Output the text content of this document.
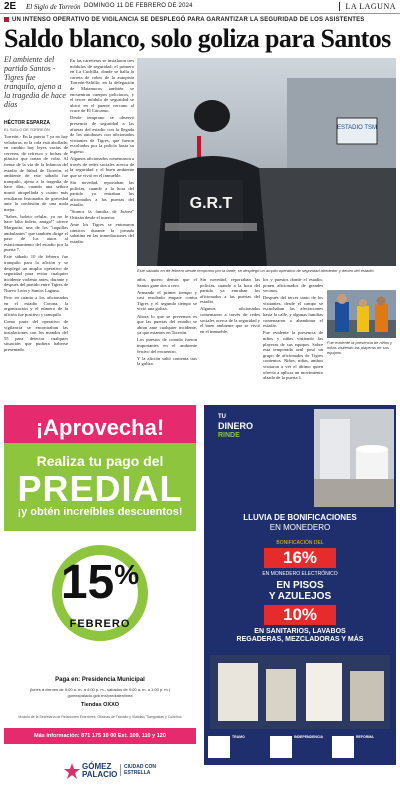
2E El Siglo de Torreón DOMINGO 11 DE FEBRERO DE 2024	LA LAGUNA
UN INTENSO OPERATIVO DE VIGILANCIA SE DESPLEGÓ PARA GARANTIZAR LA SEGURIDAD DE LOS ASISTENTES
Saldo blanco, solo goliza para Santos
El ambiente del partido Santos - Tigres fue tranquilo, ajeno a la tragedia de hace días
HÉCTOR ESPARZA
EL SIGLO DE TORREÓN

Torreón.- En la puerta 7 ya no hay veladoras, ni la cola está abollada; en cambio hay leyes vacías de cerveza, de refresco y bolsas de plástico que tratan de volar. Al frente de la vía de la Infancia del estadio de fútbol de Torreón, el ambiente de este sábado fue tranquilo, ajeno a la tragedia de hace días, cuando una señora murió atropellada y cuatro más resultaron lesionados de gravedad ante la confusión de una mala mejor.

"Sabes, boleto celular, ya no le hace falta boleto, amigo!" ofrece Margarita, una de los "taquillas ambulantes" que también dirige el paso de los autos al estacionamiento del estadio por la puerta 7.

Este sábado 10 de febrero fue tranquilo para la afición y se desplegó un amplio operativo de seguridad para evitar cualquier incidente violento antes, durante y después del partido entre Tigres de Nuevo León y Santos Laguna.

Pero en cuanto a los aficionados en el estadio Corona, la organización y el número de la afición fue positivo y tranquilo.

Como parte del operativo de vigilancia se encontraban las instalaciones con los mandos del 55 para detectar cualquier situación que pudiera haberse presentado.

En las carreteras se instalaron tres módulos de seguridad; el primero en La Cuchilla, donde se halla la carreta de cobro de la autopista Torreón-Saltillo; en la delegación de Matamoros también se encuentran cuerpos policiacos, y el tercer módulo de seguridad se ubicó en el puente cercano al cruce de El Cárcamo.

Desde temprano se observó presencia de seguridad a las afueras del estadio con la llegada de los autobuses con aficionados visitantes de Tigres, que fueron escoltados por la policía hasta su ingreso.

Algunos aficionados comentaron a través de redes sociales acerca de la seguridad y el buen ambiente que se vivió en el inmueble.

Sin novedad, reportaban las policías, cuando a la hora del partido ya entraban los aficionados a las puertas del estadio.

"Somos la familia de Juárez" Ortizán desde el interior.

Ante los Tigres se entonaron cánticos durante la jornada sabatina en las inmediaciones del estadio.

años, quiero demás que el Santos gane dos a cero.

Armando el primer tiempo y casi resultado empate contra Tigres y el segundo tiempo se vivió una goliza.

Ahora lo que se prevemos es que las puertas del estadio se abran ante cualquier incidente, ya que estamos en Torreón.

Los puestos de comida fueron importantes en el ambiente festivo del encuentro.

Y la afición salió contenta tras la goliza.

Sin novedad, reportaban las policías, cuando a la hora del partido ya entraban los aficionados a las puertas del estadio.

Algunos aficionados comentaron a través de redes sociales acerca de la seguridad y el buen ambiente que se vivió en el inmueble.

los y puestos donde el estadio, ponen aficionados de grandes vecinos.

Después del tercer tanto de los visitantes, desde el campo se escuchaban las afectaciones hasta la calle, y algunas familias comenzaron a abandonar el estadio.

Fue evidente la presencia de niños y niñas vistiendo las playeras de sus equipos. Sobre esta temporada azul posó un grupo de aficionados de Tigres contentos. Niños, niñas, ambos visitaron a ver el último quien ofrecía a aplicar un movimiento alzado de la puerta 1.

ESTADIO TSM
G.R.T
Este sábado en de febrero desde temprano por la tarde, se desplegó un amplio operativo de seguridad alrededor y dentro del estadio.
Fue evidente la presencia de niños y niñas vistiendo las playeras de sus equipos.
¡Aprovecha!
Realiza tu pago del
PREDIAL
¡y obtén increíbles descuentos!
15%
FEBRERO
Paga en: Presidencia Municipal
(lunes a viernes de 9:00 a. m. a 4:00 p. m., sábados de 9:00 a. m. a 1:00 p. m.)
gomezpalacio.gob.mx/predialenlinea
Tiendas OXXO
Módulo de la Secretaría de Relaciones Exteriores, Oficinas de Tránsito y Vialidad, Tianguistas y Cuiteños
Más información: 871 175 10 00 Ext. 109, 110 y 120
GÓMEZ PALACIO
CIUDAD CON ESTRELLA
TU
DINERO
RINDE
LLUVIA DE BONIFICACIONES
EN MONEDERO
BONIFICACIÓN DEL
16%
EN MONEDERO ELECTRÓNICO
EN PISOS
Y AZULEJOS
10%
EN SANITARIOS, LAVABOS
REGADERAS, MEZCLADORAS Y MÁS
TRAMO	INDEPENDENCIA	REFORMA
